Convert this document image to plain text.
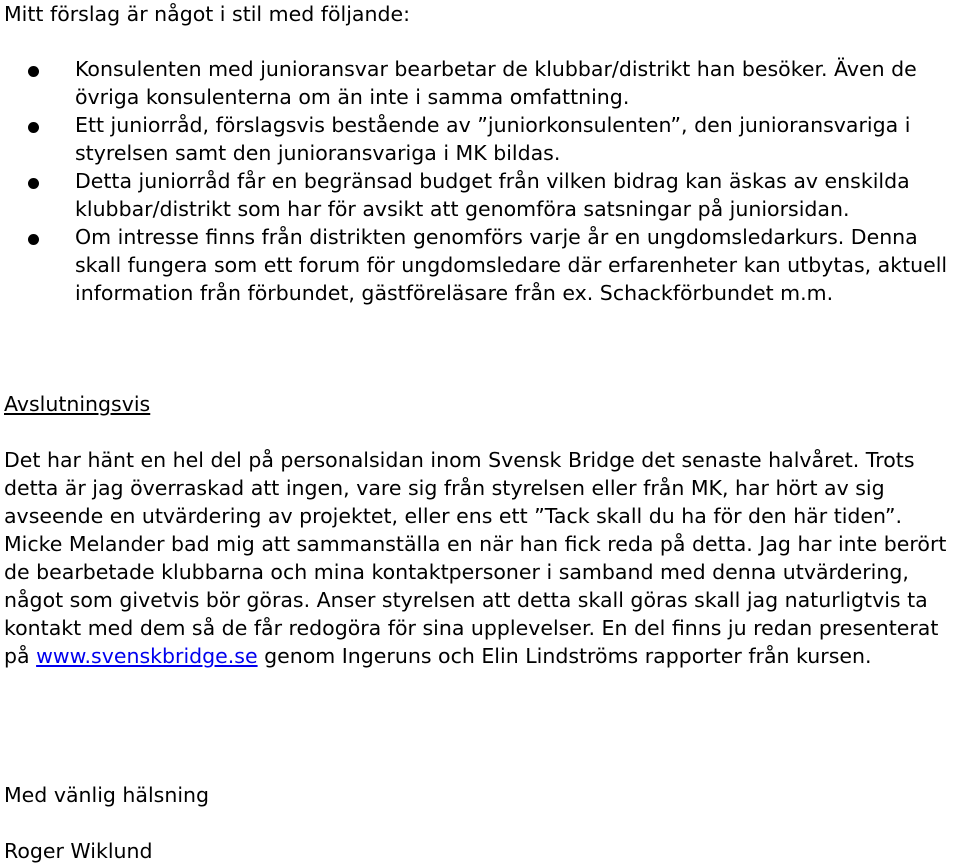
Mitt förslag är något i stil med följande:
Konsulenten med junioransvar bearbetar de klubbar/distrikt han besöker. Även de övriga konsulenterna om än inte i samma omfattning.
Ett juniorråd, förslagsvis bestående av ”juniorkonsulenten”, den junioransvariga i styrelsen samt den junioransvariga i MK bildas.
Detta juniorråd får en begränsad budget från vilken bidrag kan äskas av enskilda klubbar/distrikt som har för avsikt att genomföra satsningar på juniorsidan.
Om intresse finns från distrikten genomförs varje år en ungdomsledarkurs. Denna skall fungera som ett forum för ungdomsledare där erfarenheter kan utbytas, aktuell information från förbundet, gästföreläsare från ex. Schackförbundet m.m.
Avslutningsvis

Det har hänt en hel del på personalsidan inom Svensk Bridge det senaste halvåret. Trots detta är jag överraskad att ingen, vare sig från styrelsen eller från MK, har hört av sig avseende en utvärdering av projektet, eller ens ett ”Tack skall du ha för den här tiden”. Micke Melander bad mig att sammanställa en när han fick reda på detta. Jag har inte berört de bearbetade klubbarna och mina kontaktpersoner i samband med denna utvärdering, något som givetvis bör göras. Anser styrelsen att detta skall göras skall jag naturligtvis ta kontakt med dem så de får redogöra för sina upplevelser. En del finns ju redan presenterat på www.svenskbridge.se genom Ingeruns och Elin Lindströms rapporter från kursen.

Med vänlig hälsning
Roger Wiklund
